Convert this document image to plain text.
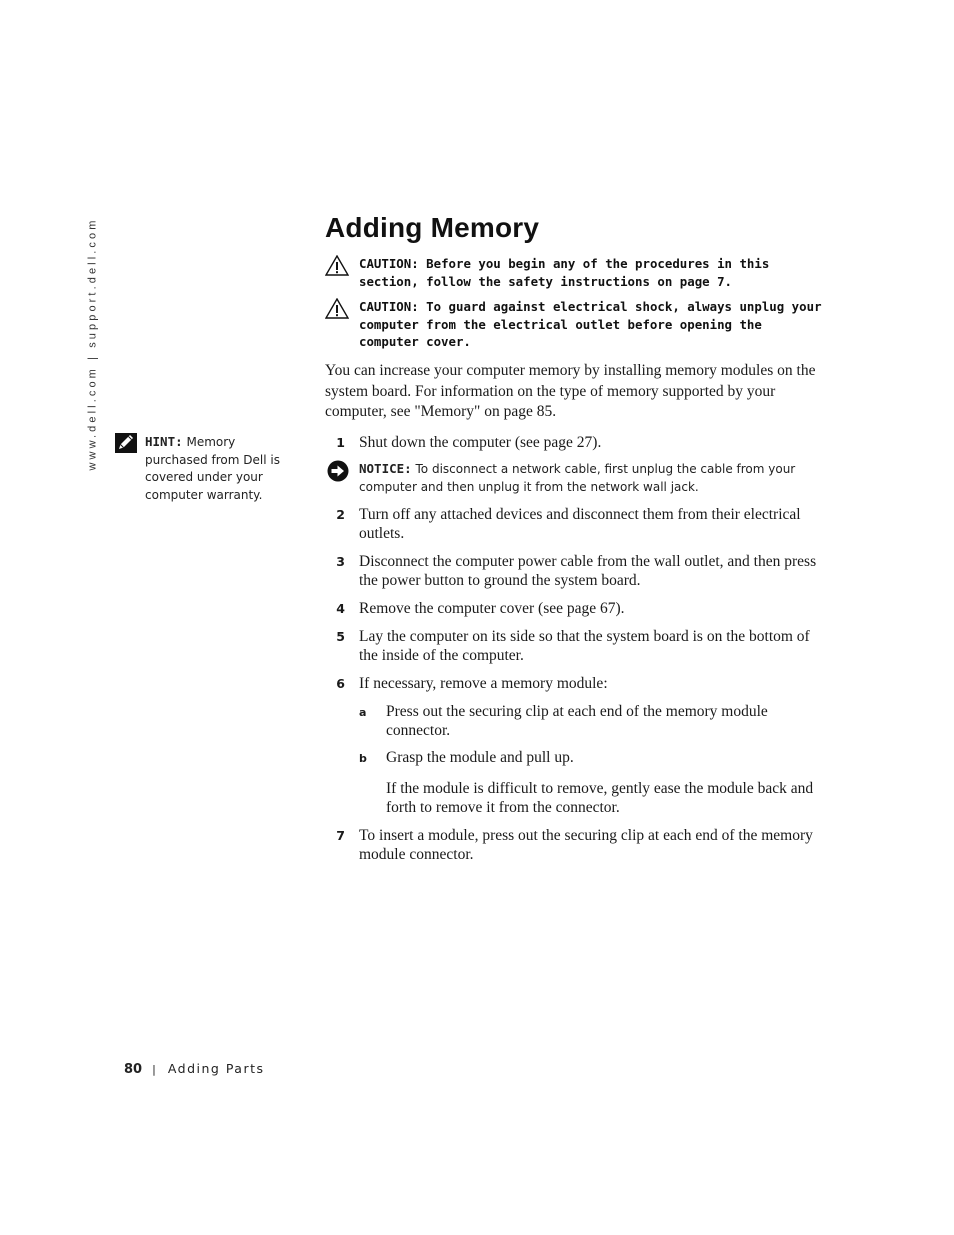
www.dell.com | support.dell.com	Adding Memory
CAUTION: Before you begin any of the procedures in this section, follow the safety instructions on page 7.
CAUTION: To guard against electrical shock, always unplug your computer from the electrical outlet before opening the computer cover.

You can increase your computer memory by installing memory modules on the system board. For information on the type of memory supported by your computer, see "Memory" on page 85.

HINT: Memory purchased from Dell is covered under your computer warranty.
1 Shut down the computer (see page 27).
NOTICE: To disconnect a network cable, first unplug the cable from your computer and then unplug it from the network wall jack.
2 Turn off any attached devices and disconnect them from their electrical outlets.
3 Disconnect the computer power cable from the wall outlet, and then press the power button to ground the system board.
4 Remove the computer cover (see page 67).
5 Lay the computer on its side so that the system board is on the bottom of the inside of the computer.
6 If necessary, remove a memory module:
a Press out the securing clip at each end of the memory module connector.
b Grasp the module and pull up.
If the module is difficult to remove, gently ease the module back and forth to remove it from the connector.
7 To insert a module, press out the securing clip at each end of the memory module connector.
80 | Adding Parts
